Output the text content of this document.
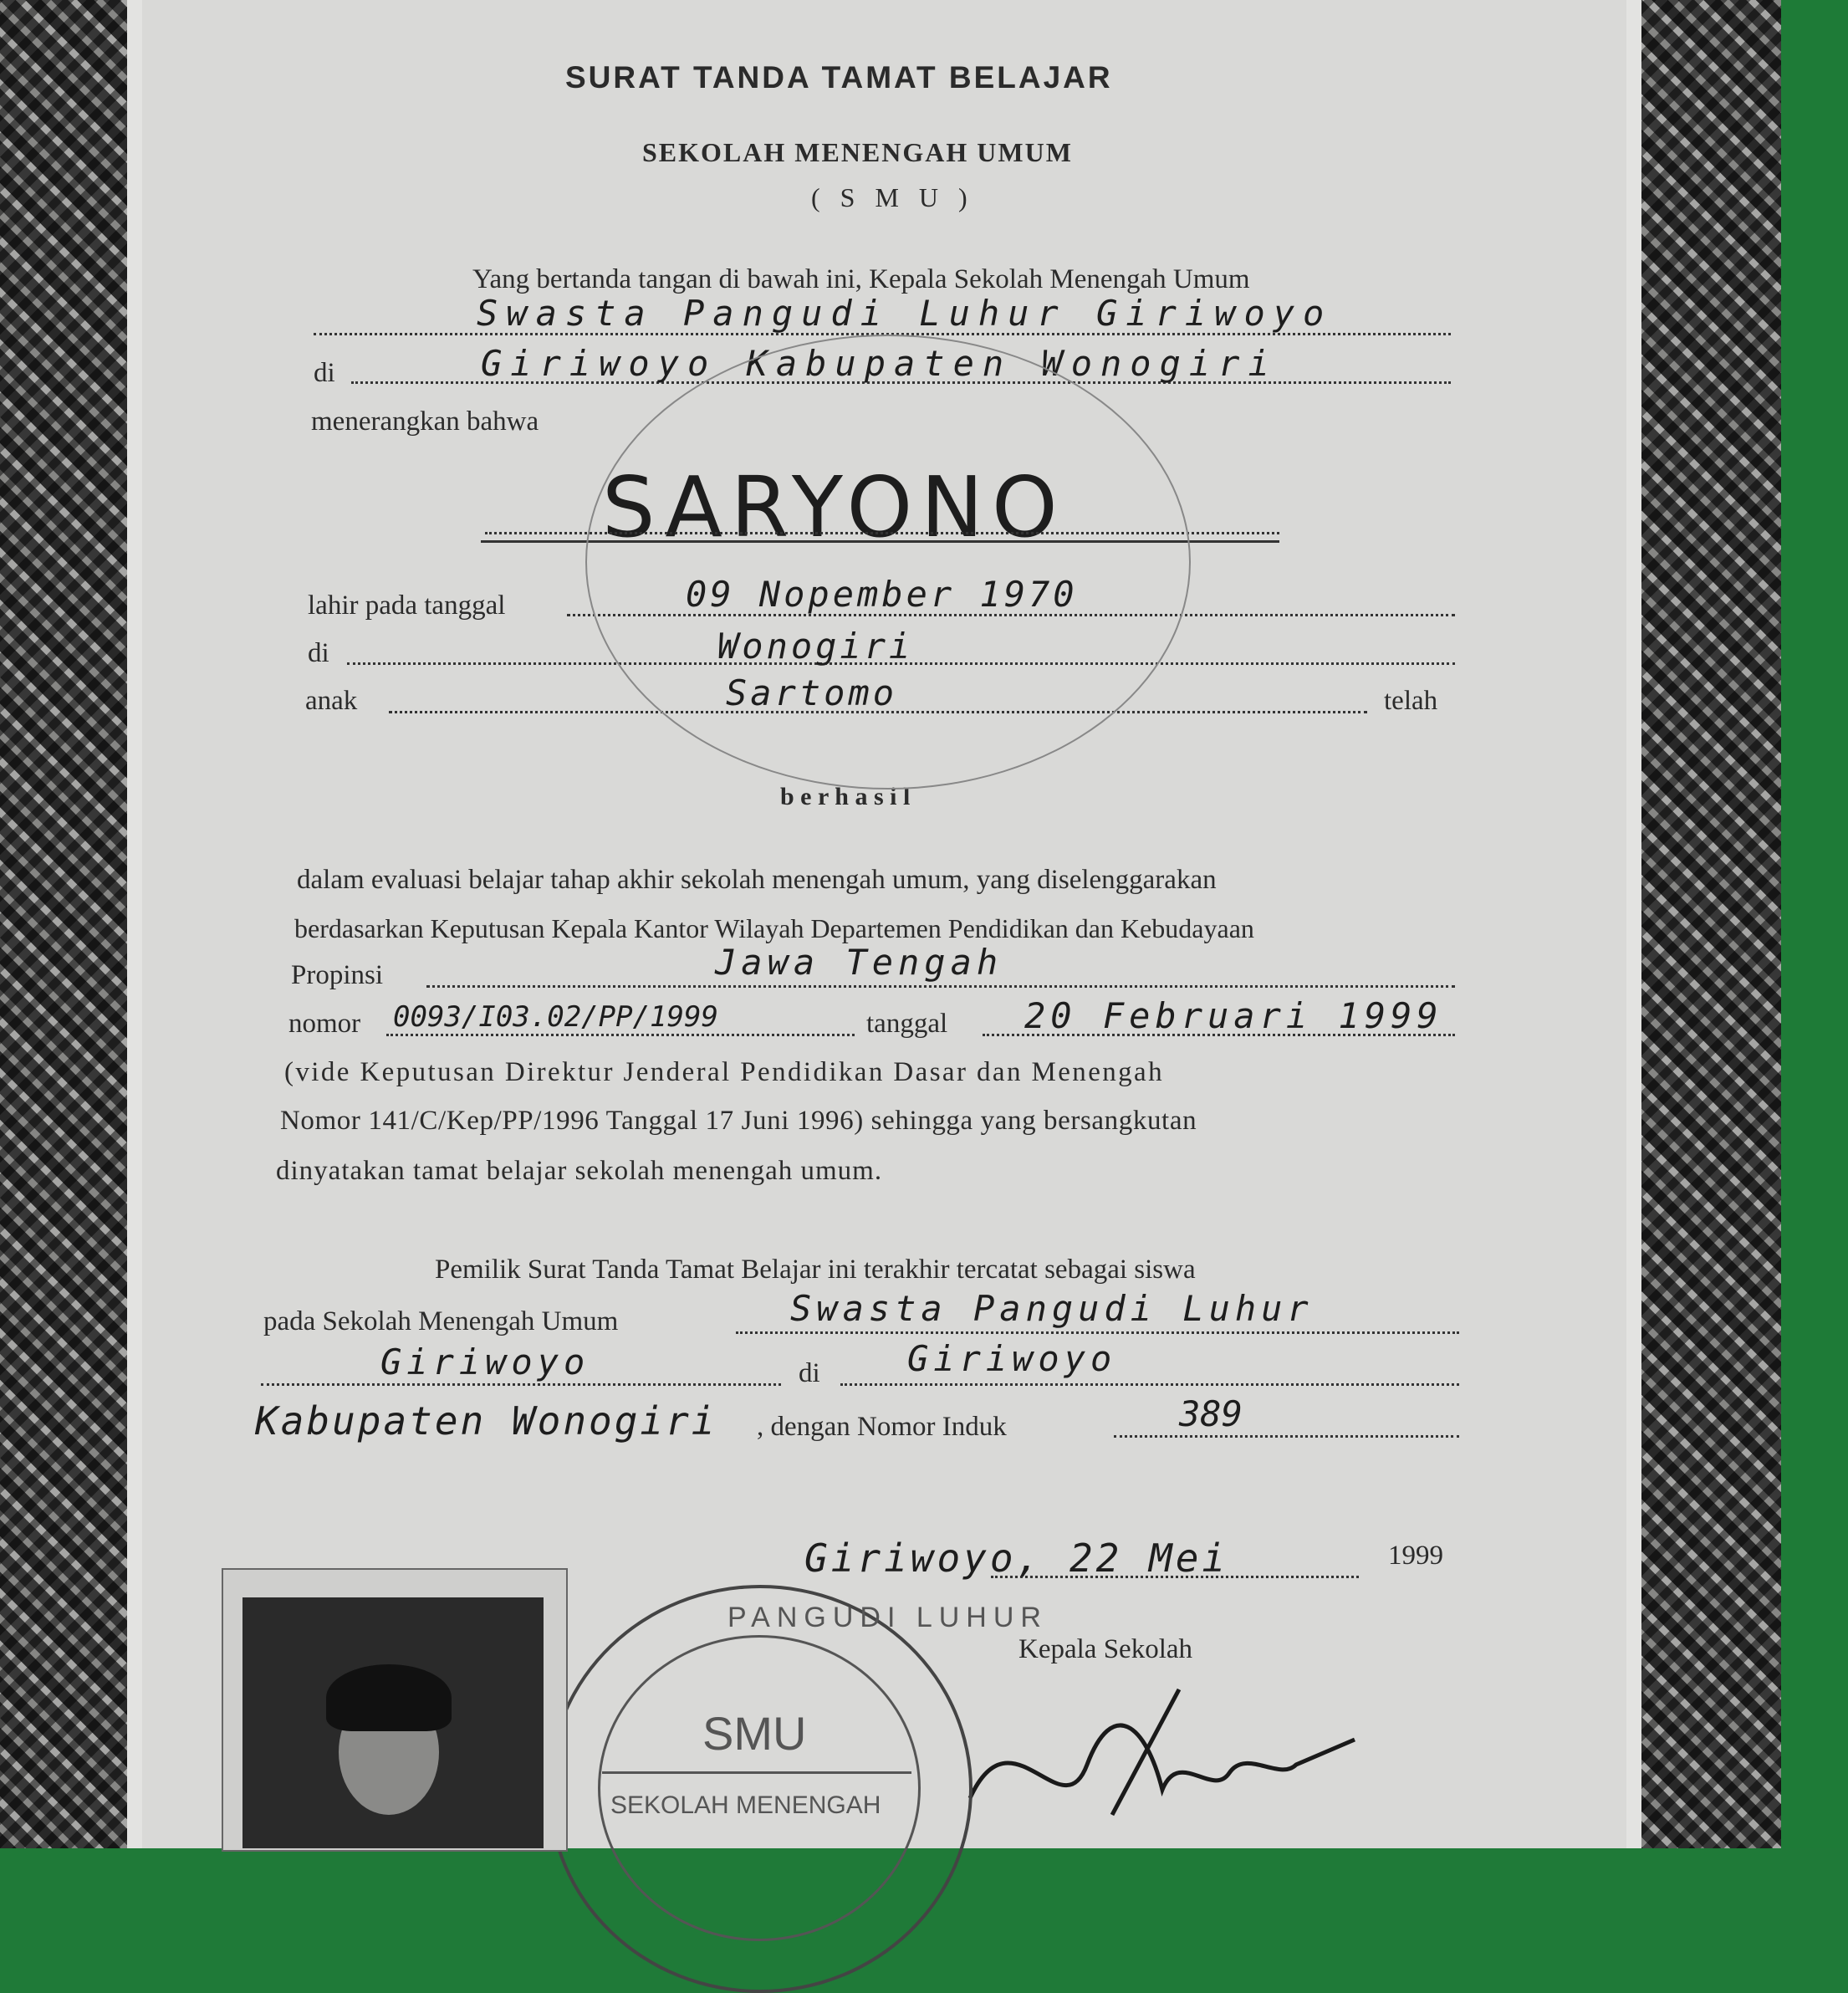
SURAT TANDA TAMAT BELAJAR
SEKOLAH MENENGAH UMUM
( S M U )
Yang bertanda tangan di bawah ini, Kepala Sekolah Menengah Umum
Swasta Pangudi Luhur Giriwoyo
di	Giriwoyo Kabupaten Wonogiri
menerangkan bahwa
SARYONO
lahir pada tanggal	09 Nopember 1970
di	Wonogiri
anak	Sartomo	telah
b e r h a s i l
dalam evaluasi belajar tahap akhir sekolah menengah umum, yang diselenggarakan
berdasarkan Keputusan Kepala Kantor Wilayah Departemen Pendidikan dan Kebudayaan
Propinsi	Jawa Tengah
nomor 0093/I03.02/PP/1999	tanggal 20 Februari 1999
(vide Keputusan Direktur Jenderal Pendidikan Dasar dan Menengah
Nomor 141/C/Kep/PP/1996 Tanggal 17 Juni 1996) sehingga yang bersangkutan
dinyatakan tamat belajar sekolah menengah umum.
Pemilik Surat Tanda Tamat Belajar ini terakhir tercatat sebagai siswa
pada Sekolah Menengah Umum	Swasta Pangudi Luhur
Giriwoyo	di Giriwoyo
Kabupaten Wonogiri , dengan Nomor Induk	389
Giriwoyo, 22 Mei	1999
Kepala Sekolah
PANGUDI LUHUR
SMU
SEKOLAH MENENGAH
